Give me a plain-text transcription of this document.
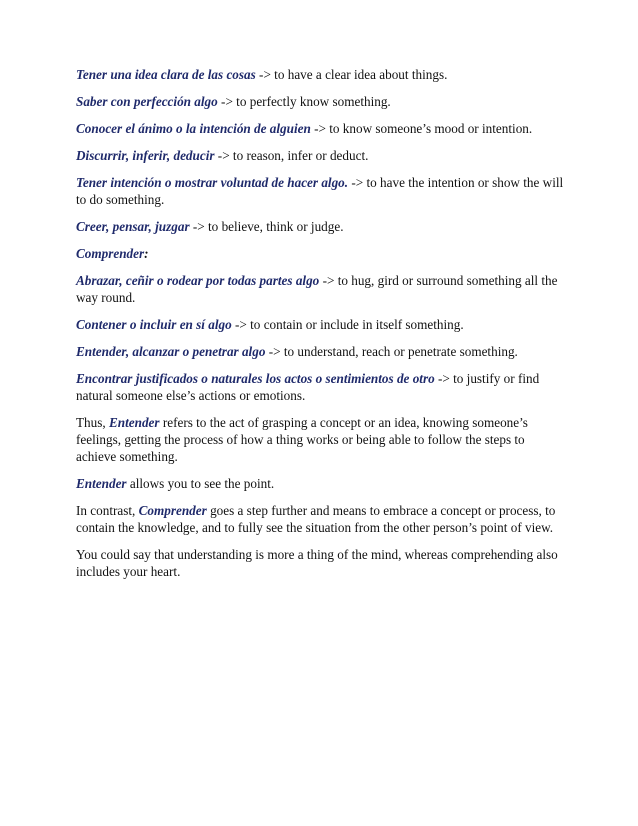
Tener una idea clara de las cosas -> to have a clear idea about things.

Saber con perfección algo -> to perfectly know something.

Conocer el ánimo o la intención de alguien -> to know someone’s mood or intention.

Discurrir, inferir, deducir -> to reason, infer or deduct.

Tener intención o mostrar voluntad de hacer algo. -> to have the intention or show the will to do something.

Creer, pensar, juzgar -> to believe, think or judge.

Comprender:

Abrazar, ceñir o rodear por todas partes algo -> to hug, gird or surround something all the way round.

Contener o incluir en sí algo -> to contain or include in itself something.

Entender, alcanzar o penetrar algo -> to understand, reach or penetrate something.

Encontrar justificados o naturales los actos o sentimientos de otro -> to justify or find natural someone else’s actions or emotions.

Thus, Entender refers to the act of grasping a concept or an idea, knowing someone’s feelings, getting the process of how a thing works or being able to follow the steps to achieve something.

Entender allows you to see the point.

In contrast, Comprender goes a step further and means to embrace a concept or process, to contain the knowledge, and to fully see the situation from the other person’s point of view.

You could say that understanding is more a thing of the mind, whereas comprehending also includes your heart.
